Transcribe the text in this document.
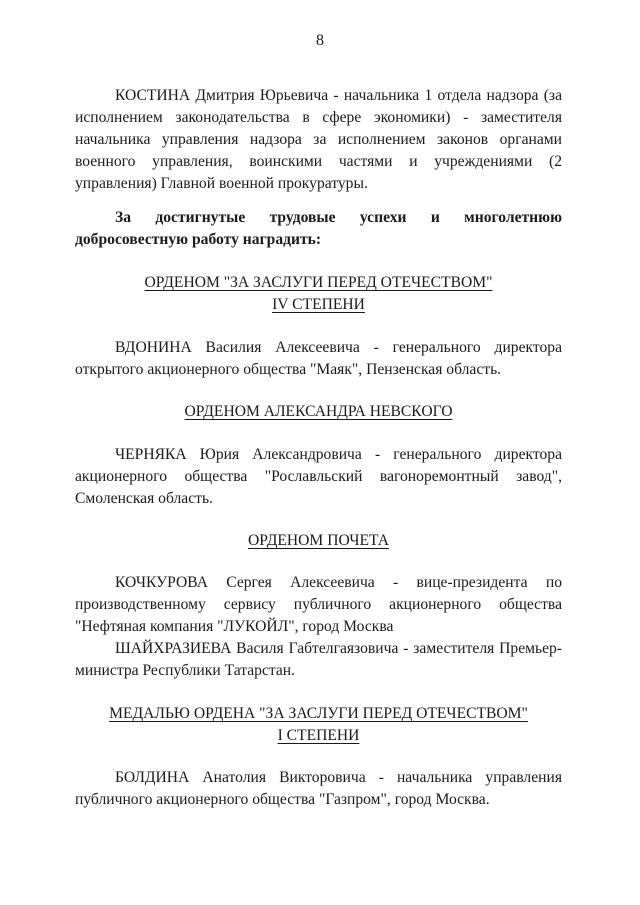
8

КОСТИНА Дмитрия Юрьевича - начальника 1 отдела надзора (за исполнением законодательства в сфере экономики) - заместителя начальника управления надзора за исполнением законов органами военного управления, воинскими частями и учреждениями (2 управления) Главной военной прокуратуры.

За достигнутые трудовые успехи и многолетнюю добросовестную работу наградить:

ОРДЕНОМ "ЗА ЗАСЛУГИ ПЕРЕД ОТЕЧЕСТВОМ"
IV СТЕПЕНИ

ВДОНИНА Василия Алексеевича - генерального директора открытого акционерного общества "Маяк", Пензенская область.

ОРДЕНОМ АЛЕКСАНДРА НЕВСКОГО

ЧЕРНЯКА Юрия Александровича - генерального директора акционерного общества "Рославльский вагоноремонтный завод", Смоленская область.

ОРДЕНОМ ПОЧЕТА

КОЧКУРОВА Сергея Алексеевича - вице-президента по производственному сервису публичного акционерного общества "Нефтяная компания "ЛУКОЙЛ", город Москва

ШАЙХРАЗИЕВА Василя Габтелгаязовича - заместителя Премьер-министра Республики Татарстан.

МЕДАЛЬЮ ОРДЕНА "ЗА ЗАСЛУГИ ПЕРЕД ОТЕЧЕСТВОМ"
I СТЕПЕНИ

БОЛДИНА Анатолия Викторовича - начальника управления публичного акционерного общества "Газпром", город Москва.
